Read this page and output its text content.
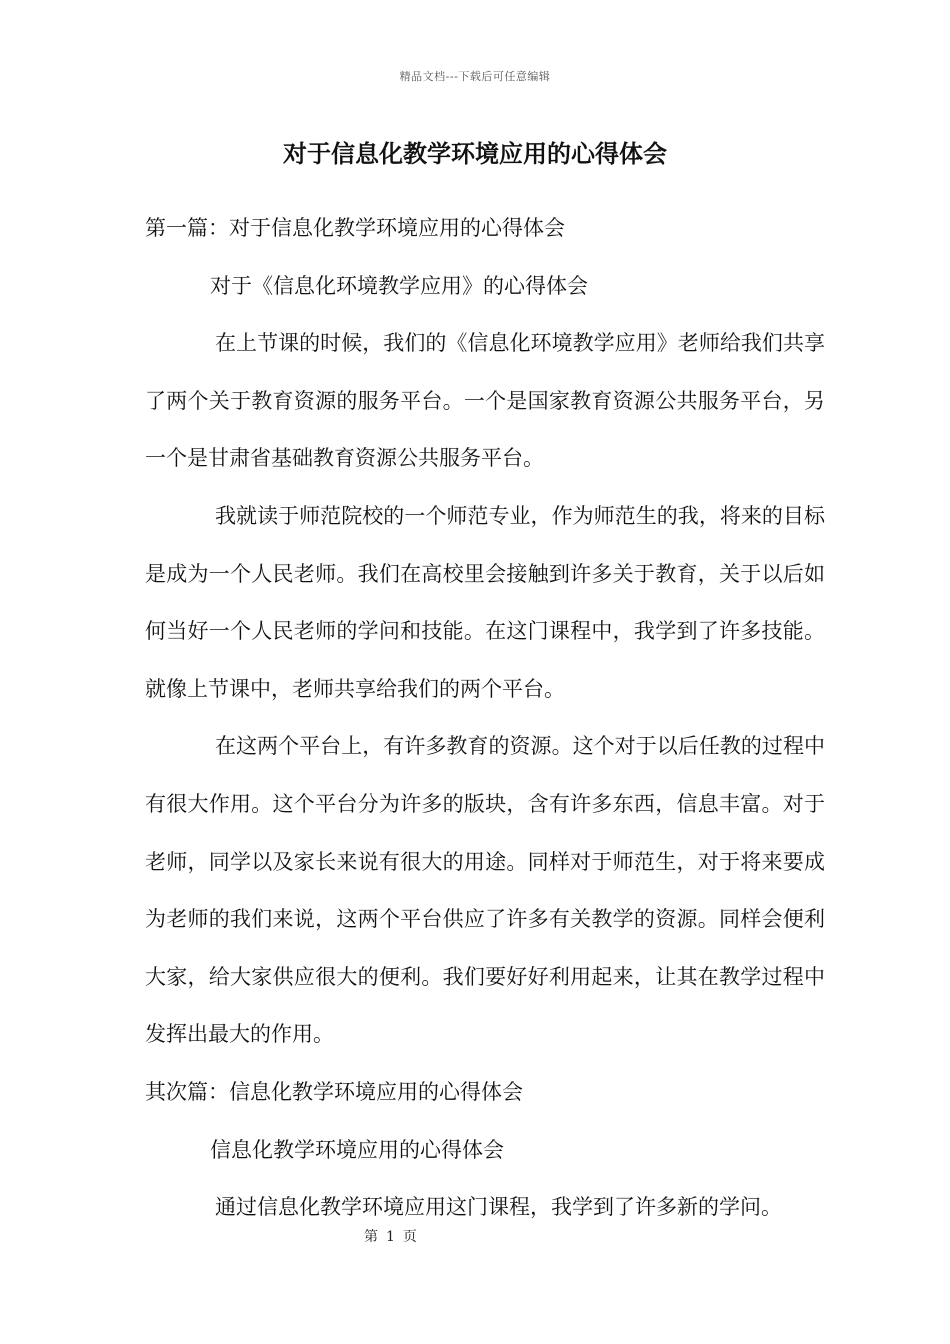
精品文档---下载后可任意编辑
对于信息化教学环境应用的心得体会

第一篇：对于信息化教学环境应用的心得体会

对于《信息化环境教学应用》的心得体会

在上节课的时候，我们的《信息化环境教学应用》老师给我们共享了两个关于教育资源的服务平台。一个是国家教育资源公共服务平台，另一个是甘肃省基础教育资源公共服务平台。

我就读于师范院校的一个师范专业，作为师范生的我，将来的目标是成为一个人民老师。我们在高校里会接触到许多关于教育，关于以后如何当好一个人民老师的学问和技能。在这门课程中，我学到了许多技能。就像上节课中，老师共享给我们的两个平台。

在这两个平台上，有许多教育的资源。这个对于以后任教的过程中有很大作用。这个平台分为许多的版块，含有许多东西，信息丰富。对于老师，同学以及家长来说有很大的用途。同样对于师范生，对于将来要成为老师的我们来说，这两个平台供应了许多有关教学的资源。同样会便利大家，给大家供应很大的便利。我们要好好利用起来，让其在教学过程中发挥出最大的作用。

其次篇：信息化教学环境应用的心得体会

信息化教学环境应用的心得体会

通过信息化教学环境应用这门课程，我学到了许多新的学问。

第 1 页
